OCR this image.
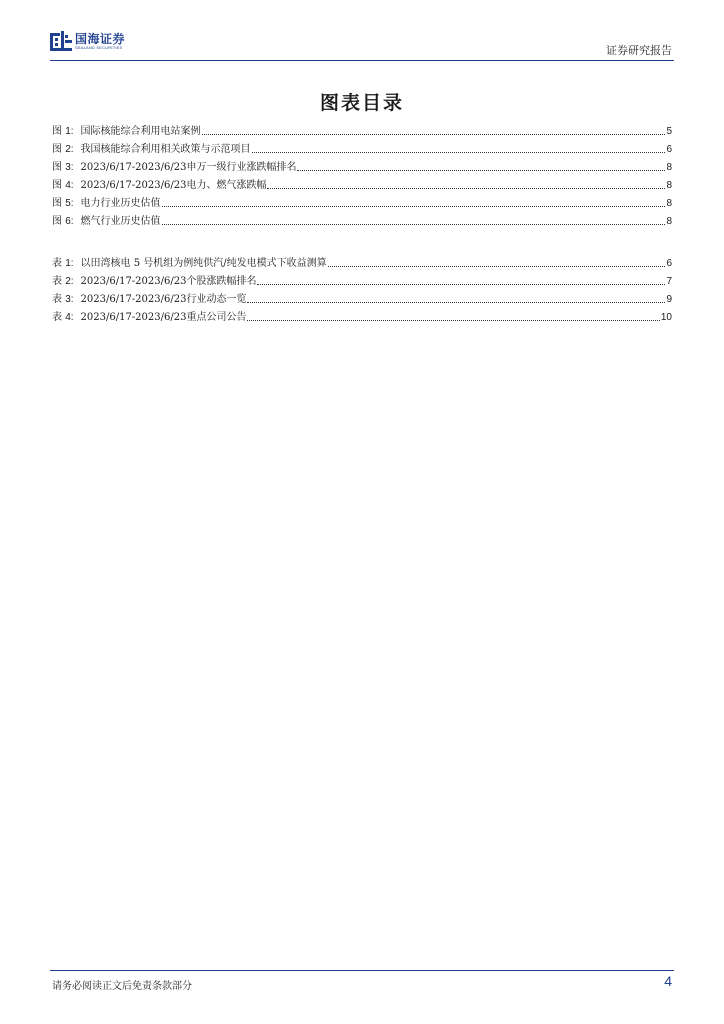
国海证券
SEALAND SECURITIES	证券研究报告
图表目录
图 1: 国际核能综合利用电站案例	5
图 2: 我国核能综合利用相关政策与示范项目	6
图 3: 2023/6/17-2023/6/23申万一级行业涨跌幅排名	8
图 4: 2023/6/17-2023/6/23电力、燃气涨跌幅	8
图 5: 电力行业历史估值	8
图 6: 燃气行业历史估值	8
表 1: 以田湾核电 5 号机组为例纯供汽/纯发电模式下收益测算	6
表 2: 2023/6/17-2023/6/23个股涨跌幅排名	7
表 3: 2023/6/17-2023/6/23行业动态一览	9
表 4: 2023/6/17-2023/6/23重点公司公告	10
请务必阅读正文后免责条款部分	4
